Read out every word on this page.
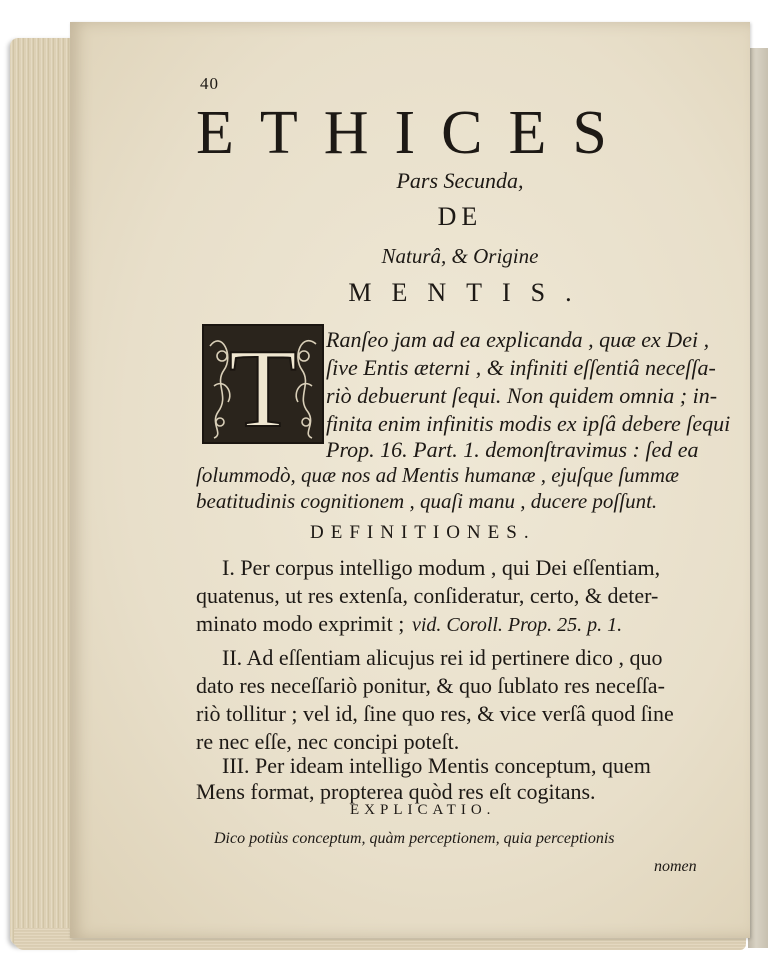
40
ETHICES
Pars Secunda,
DE
Naturâ, & Origine
MENTIS.
T Ranſeo jam ad ea explicanda , quæ ex Dei ,
ſive Entis æterni , & infiniti eſſentiâ neceſſa-
riò debuerunt ſequi. Non quidem omnia ; in-
finita enim infinitis modis ex ipſâ debere ſequi
Prop. 16. Part. 1. demonſtravimus : ſed ea
ſolummodò, quæ nos ad Mentis humanæ , ejuſque ſummæ
beatitudinis cognitionem , quaſi manu , ducere poſſunt.
DEFINITIONES.
I. Per corpus intelligo modum , qui Dei eſſentiam,
quatenus, ut res extenſa, conſideratur, certo, & deter-
minato modo exprimit ; vid. Coroll. Prop. 25. p. 1.
II. Ad eſſentiam alicujus rei id pertinere dico , quo
dato res neceſſariò ponitur, & quo ſublato res neceſſa-
riò tollitur ; vel id, ſine quo res, & vice verſâ quod ſine
re nec eſſe, nec concipi poteſt.
III. Per ideam intelligo Mentis conceptum, quem
Mens format, propterea quòd res eſt cogitans.
EXPLICATIO.
Dico potiùs conceptum, quàm perceptionem, quia perceptionis
nomen
